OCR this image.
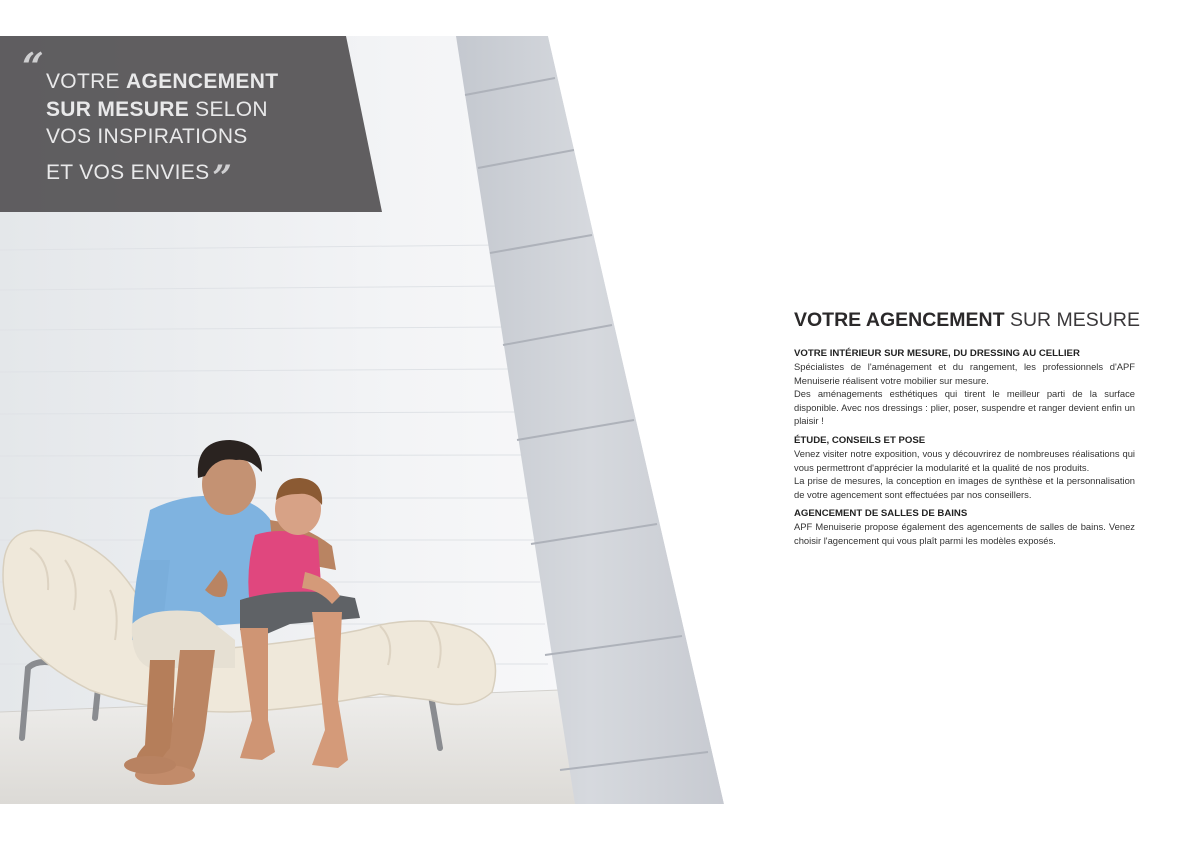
“ VOTRE AGENCEMENT
SUR MESURE SELON
VOS INSPIRATIONS
ET VOS ENVIES”
VOTRE AGENCEMENT SUR MESURE
VOTRE INTÉRIEUR SUR MESURE, DU DRESSING AU CELLIER

Spécialistes de l'aménagement et du rangement, les professionnels d'APF Menuiserie réalisent votre mobilier sur mesure.

Des aménagements esthétiques qui tirent le meilleur parti de la surface disponible. Avec nos dressings : plier, poser, suspendre et ranger devient enfin un plaisir !

ÉTUDE, CONSEILS ET POSE

Venez visiter notre exposition, vous y découvrirez de nombreuses réalisations qui vous permettront d'apprécier la modularité et la qualité de nos produits.

La prise de mesures, la conception en images de synthèse et la personnalisation de votre agencement sont effectuées par nos conseillers.

AGENCEMENT DE SALLES DE BAINS

APF Menuiserie propose également des agencements de salles de bains. Venez choisir l'agencement qui vous plaît parmi les modèles exposés.
